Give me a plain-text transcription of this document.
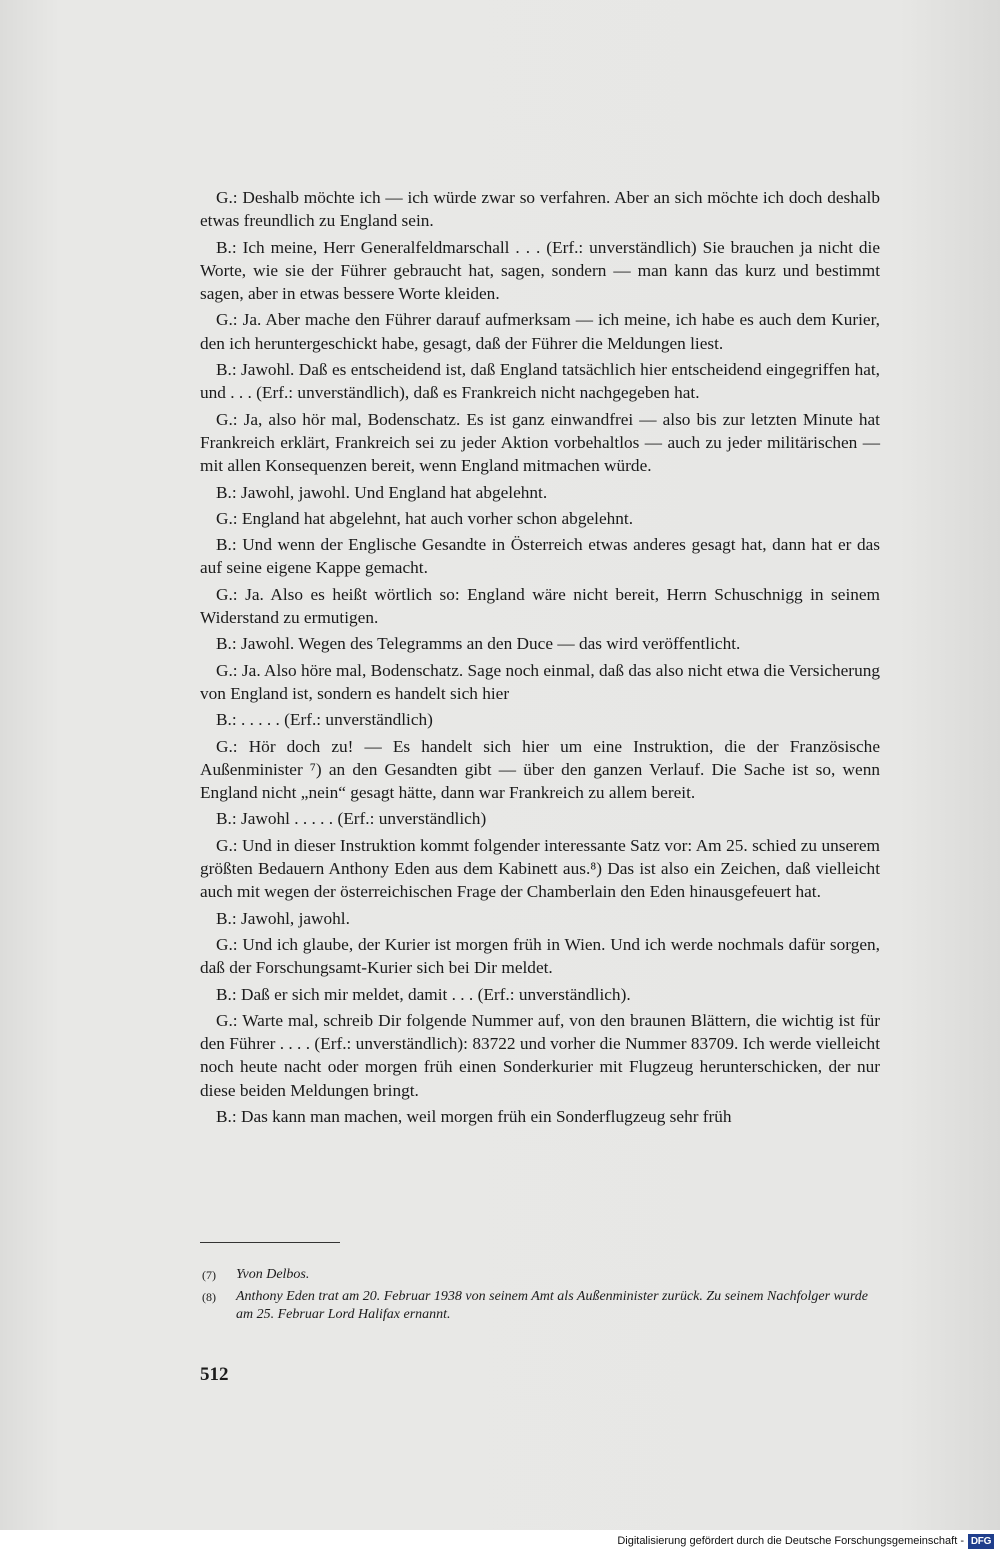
G.: Deshalb möchte ich — ich würde zwar so verfahren. Aber an sich möchte ich doch deshalb etwas freundlich zu England sein.

B.: Ich meine, Herr Generalfeldmarschall . . . (Erf.: unverständlich) Sie brauchen ja nicht die Worte, wie sie der Führer gebraucht hat, sagen, sondern — man kann das kurz und bestimmt sagen, aber in etwas bessere Worte kleiden.

G.: Ja. Aber mache den Führer darauf aufmerksam — ich meine, ich habe es auch dem Kurier, den ich heruntergeschickt habe, gesagt, daß der Führer die Meldungen liest.

B.: Jawohl. Daß es entscheidend ist, daß England tatsächlich hier entscheidend eingegriffen hat, und . . . (Erf.: unverständlich), daß es Frankreich nicht nachgegeben hat.

G.: Ja, also hör mal, Bodenschatz. Es ist ganz einwandfrei — also bis zur letzten Minute hat Frankreich erklärt, Frankreich sei zu jeder Aktion vorbehaltlos — auch zu jeder militärischen — mit allen Konsequenzen bereit, wenn England mitmachen würde.

B.: Jawohl, jawohl. Und England hat abgelehnt.

G.: England hat abgelehnt, hat auch vorher schon abgelehnt.

B.: Und wenn der Englische Gesandte in Österreich etwas anderes gesagt hat, dann hat er das auf seine eigene Kappe gemacht.

G.: Ja. Also es heißt wörtlich so: England wäre nicht bereit, Herrn Schuschnigg in seinem Widerstand zu ermutigen.

B.: Jawohl. Wegen des Telegramms an den Duce — das wird veröffentlicht.

G.: Ja. Also höre mal, Bodenschatz. Sage noch einmal, daß das also nicht etwa die Versicherung von England ist, sondern es handelt sich hier

B.: . . . . . (Erf.: unverständlich)

G.: Hör doch zu! — Es handelt sich hier um eine Instruktion, die der Französische Außenminister ⁷) an den Gesandten gibt — über den ganzen Verlauf. Die Sache ist so, wenn England nicht „nein“ gesagt hätte, dann war Frankreich zu allem bereit.

B.: Jawohl . . . . . (Erf.: unverständlich)

G.: Und in dieser Instruktion kommt folgender interessante Satz vor: Am 25. schied zu unserem größten Bedauern Anthony Eden aus dem Kabinett aus.⁸) Das ist also ein Zeichen, daß vielleicht auch mit wegen der österreichischen Frage der Chamberlain den Eden hinausgefeuert hat.

B.: Jawohl, jawohl.

G.: Und ich glaube, der Kurier ist morgen früh in Wien. Und ich werde nochmals dafür sorgen, daß der Forschungsamt-Kurier sich bei Dir meldet.

B.: Daß er sich mir meldet, damit . . . (Erf.: unverständlich).

G.: Warte mal, schreib Dir folgende Nummer auf, von den braunen Blättern, die wichtig ist für den Führer . . . . (Erf.: unverständlich): 83722 und vorher die Nummer 83709. Ich werde vielleicht noch heute nacht oder morgen früh einen Sonderkurier mit Flugzeug herunterschicken, der nur diese beiden Meldungen bringt.

B.: Das kann man machen, weil morgen früh ein Sonderflugzeug sehr früh

(7) Yvon Delbos.
(8) Anthony Eden trat am 20. Februar 1938 von seinem Amt als Außenminister zurück. Zu seinem Nachfolger wurde am 25. Februar Lord Halifax ernannt.
512
Digitalisierung gefördert durch die Deutsche Forschungsgemeinschaft - DFG
